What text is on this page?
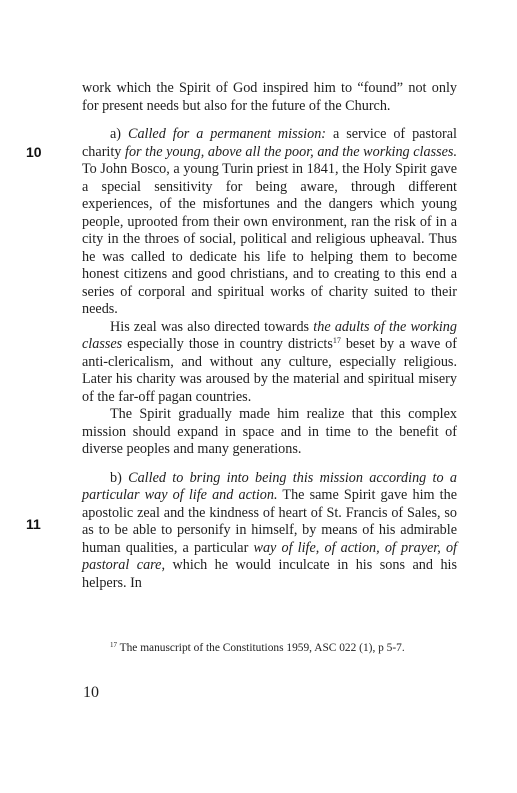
work which the Spirit of God inspired him to “found” not only for present needs but also for the future of the Church.

a) Called for a permanent mission: a service of pastoral charity for the young, above all the poor, and the working classes. To John Bosco, a young Turin priest in 1841, the Holy Spirit gave a special sensitivity for being aware, through different experiences, of the misfortunes and the dangers which young people, uprooted from their own environment, ran the risk of in a city in the throes of social, political and religious upheaval. Thus he was called to dedicate his life to helping them to become honest citizens and good christians, and to creating to this end a series of corporal and spiritual works of charity suited to their needs.

His zeal was also directed towards the adults of the working classes especially those in country districts$^{17}$ beset by a wave of anti-clericalism, and without any culture, especially religious. Later his charity was aroused by the material and spiritual misery of the far-off pagan countries.

The Spirit gradually made him realize that this complex mission should expand in space and in time to the benefit of diverse peoples and many generations.

b) Called to bring into being this mission according to a particular way of life and action. The same Spirit gave him the apostolic zeal and the kindness of heart of St. Francis of Sales, so as to be able to personify in himself, by means of his admirable human qualities, a particular way of life, of action, of prayer, of pastoral care, which he would inculcate in his sons and his helpers. In

10
11

$^{17}$ The manuscript of the Constitutions 1959, ASC 022 (1), p 5-7.

10
